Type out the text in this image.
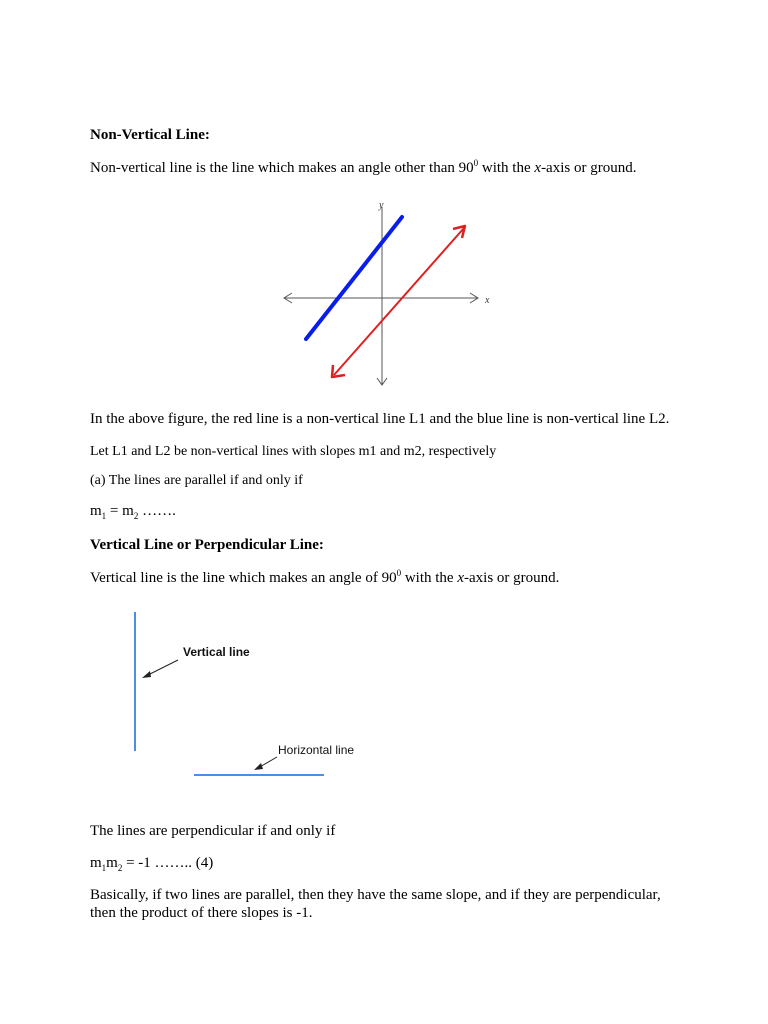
Non-Vertical Line:

Non-vertical line is the line which makes an angle other than $90^0$ with the x-axis or ground.

y
x

In the above figure, the red line is a non-vertical line L1 and the blue line is non-vertical line L2.

Let L1 and L2 be non-vertical lines with slopes m1 and m2, respectively

(a) The lines are parallel if and only if

$m_1 = m_2$ …….

Vertical Line or Perpendicular Line:

Vertical line is the line which makes an angle of $90^0$ with the x-axis or ground.

Vertical line
Horizontal line

The lines are perpendicular if and only if

$m_1m_2 = -1$ …….. (4)

Basically, if two lines are parallel, then they have the same slope, and if they are perpendicular, then the product of there slopes is -1.
